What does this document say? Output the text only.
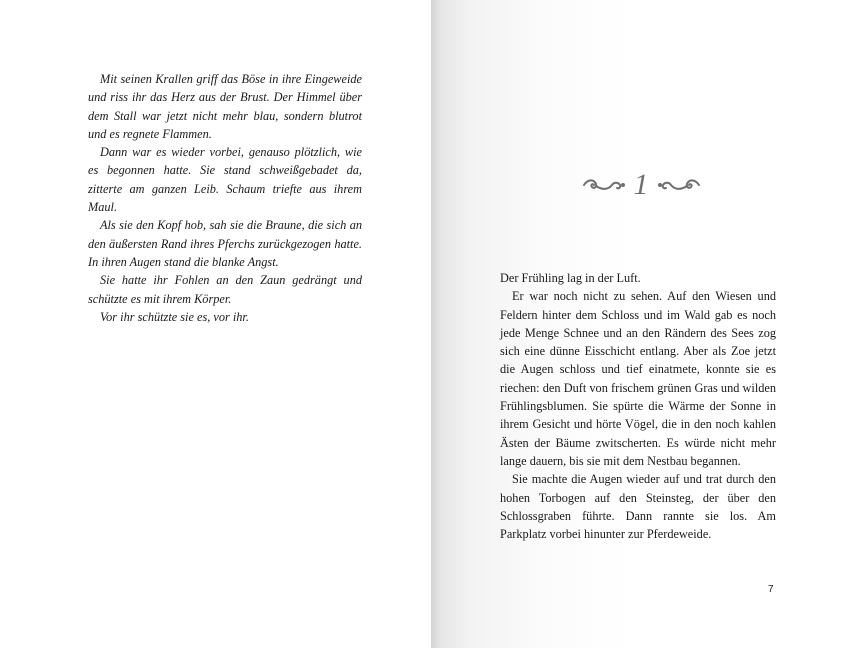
Mit seinen Krallen griff das Böse in ihre Eingeweide und riss ihr das Herz aus der Brust. Der Himmel über dem Stall war jetzt nicht mehr blau, sondern blutrot und es regnete Flammen.

Dann war es wieder vorbei, genauso plötzlich, wie es begonnen hatte. Sie stand schweißgebadet da, zitterte am ganzen Leib. Schaum triefte aus ihrem Maul.

Als sie den Kopf hob, sah sie die Braune, die sich an den äußersten Rand ihres Pferchs zurückgezogen hatte. In ihren Augen stand die blanke Angst.

Sie hatte ihr Fohlen an den Zaun gedrängt und schützte es mit ihrem Körper.

Vor ihr schützte sie es, vor ihr.

1

Der Frühling lag in der Luft.

Er war noch nicht zu sehen. Auf den Wiesen und Feldern hinter dem Schloss und im Wald gab es noch jede Menge Schnee und an den Rändern des Sees zog sich eine dünne Eisschicht entlang. Aber als Zoe jetzt die Augen schloss und tief einatmete, konnte sie es riechen: den Duft von frischem grünen Gras und wilden Frühlingsblumen. Sie spürte die Wärme der Sonne in ihrem Gesicht und hörte Vögel, die in den noch kahlen Ästen der Bäume zwitscherten. Es würde nicht mehr lange dauern, bis sie mit dem Nestbau begannen.

Sie machte die Augen wieder auf und trat durch den hohen Torbogen auf den Steinsteg, der über den Schlossgraben führte. Dann rannte sie los. Am Parkplatz vorbei hinunter zur Pferdeweide.

7
